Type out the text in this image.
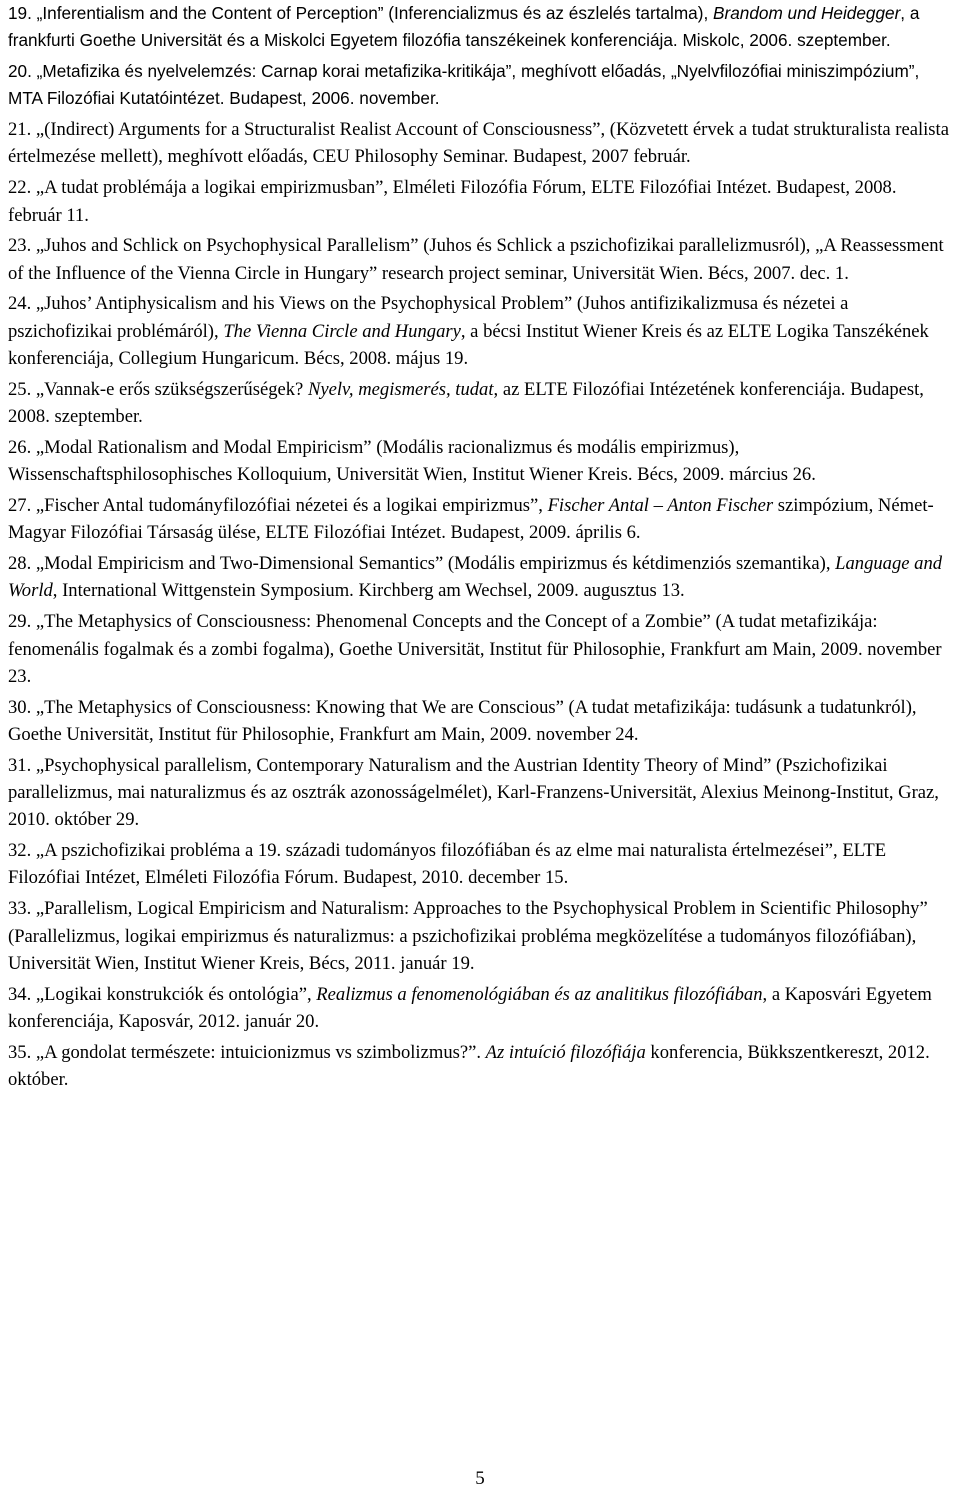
19. „Inferentialism and the Content of Perception” (Inferencializmus és az észlelés tartalma), Brandom und Heidegger, a frankfurti Goethe Universität és a Miskolci Egyetem filozófia tanszékeinek konferenciája. Miskolc, 2006. szeptember.

20. „Metafizika és nyelvelemzés: Carnap korai metafizika-kritikája”, meghívott előadás, „Nyelvfilozófiai miniszimpózium”, MTA Filozófiai Kutatóintézet. Budapest, 2006. november.

21. „(Indirect) Arguments for a Structuralist Realist Account of Consciousness”, (Közvetett érvek a tudat strukturalista realista értelmezése mellett), meghívott előadás, CEU Philosophy Seminar. Budapest, 2007 február.

22. „A tudat problémája a logikai empirizmusban”, Elméleti Filozófia Fórum, ELTE Filozófiai Intézet. Budapest, 2008. február 11.

23. „Juhos and Schlick on Psychophysical Parallelism” (Juhos és Schlick a pszichofizikai parallelizmusról), „A Reassessment of the Influence of the Vienna Circle in Hungary” research project seminar, Universität Wien. Bécs, 2007. dec. 1.

24. „Juhos’ Antiphysicalism and his Views on the Psychophysical Problem” (Juhos antifizikalizmusa és nézetei a pszichofizikai problémáról), The Vienna Circle and Hungary, a bécsi Institut Wiener Kreis és az ELTE Logika Tanszékének konferenciája, Collegium Hungaricum. Bécs, 2008. május 19.

25. „Vannak-e erős szükségszerűségek? Nyelv, megismerés, tudat, az ELTE Filozófiai Intézetének konferenciája. Budapest, 2008. szeptember.

26. „Modal Rationalism and Modal Empiricism” (Modális racionalizmus és modális empirizmus), Wissenschaftsphilosophisches Kolloquium, Universität Wien, Institut Wiener Kreis. Bécs, 2009. március 26.

27. „Fischer Antal tudományfilozófiai nézetei és a logikai empirizmus”, Fischer Antal – Anton Fischer szimpózium, Német-Magyar Filozófiai Társaság ülése, ELTE Filozófiai Intézet. Budapest, 2009. április 6.

28. „Modal Empiricism and Two-Dimensional Semantics” (Modális empirizmus és kétdimenziós szemantika), Language and World, International Wittgenstein Symposium. Kirchberg am Wechsel, 2009. augusztus 13.

29. „The Metaphysics of Consciousness: Phenomenal Concepts and the Concept of a Zombie” (A tudat metafizikája: fenomenális fogalmak és a zombi fogalma), Goethe Universität, Institut für Philosophie, Frankfurt am Main, 2009. november 23.

30. „The Metaphysics of Consciousness: Knowing that We are Conscious” (A tudat metafizikája: tudásunk a tudatunkról), Goethe Universität, Institut für Philosophie, Frankfurt am Main, 2009. november 24.

31. „Psychophysical parallelism, Contemporary Naturalism and the Austrian Identity Theory of Mind” (Pszichofizikai parallelizmus, mai naturalizmus és az osztrák azonosságelmélet), Karl-Franzens-Universität, Alexius Meinong-Institut, Graz, 2010. október 29.

32. „A pszichofizikai probléma a 19. századi tudományos filozófiában és az elme mai naturalista értelmezései”, ELTE Filozófiai Intézet, Elméleti Filozófia Fórum. Budapest, 2010. december 15.

33. „Parallelism, Logical Empiricism and Naturalism: Approaches to the Psychophysical Problem in Scientific Philosophy” (Parallelizmus, logikai empirizmus és naturalizmus: a pszichofizikai probléma megközelítése a tudományos filozófiában), Universität Wien, Institut Wiener Kreis, Bécs, 2011. január 19.

34. „Logikai konstrukciók és ontológia”, Realizmus a fenomenológiában és az analitikus filozófiában, a Kaposvári Egyetem konferenciája, Kaposvár, 2012. január 20.

35. „A gondolat természete: intuicionizmus vs szimbolizmus?”. Az intuíció filozófiája konferencia, Bükkszentkereszt, 2012. október.

5
